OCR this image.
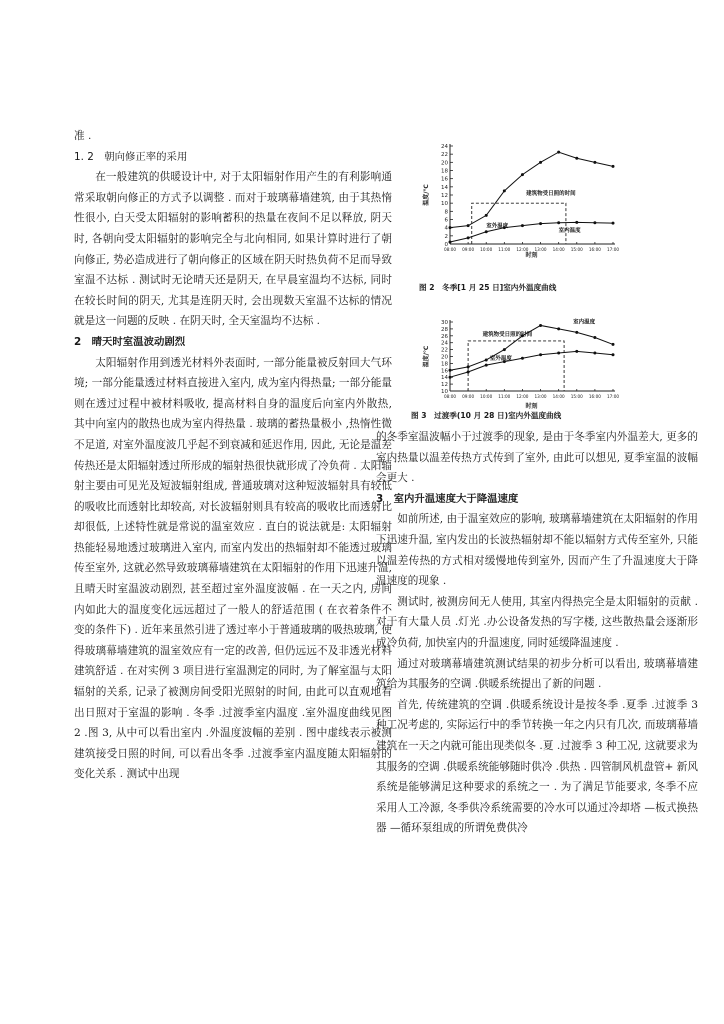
准 .

1. 2　朝向修正率的采用

在一般建筑的供暖设计中, 对于太阳辐射作用产生的有利影响通常采取朝向修正的方式予以调整 . 而对于玻璃幕墙建筑, 由于其热惰性很小, 白天受太阳辐射的影响蓄积的热量在夜间不足以释放, 阴天时, 各朝向受太阳辐射的影响完全与北向相同, 如果计算时进行了朝向修正, 势必造成进行了朝向修正的区域在阴天时热负荷不足而导致室温不达标 . 测试时无论晴天还是阴天, 在早晨室温均不达标, 同时在较长时间的阴天, 尤其是连阴天时, 会出现数天室温不达标的情况就是这一问题的反映 . 在阴天时, 全天室温均不达标 .

2　晴天时室温波动剧烈

太阳辐射作用到透光材料外表面时, 一部分能量被反射回大气环境; 一部分能量透过材料直接进入室内, 成为室内得热量; 一部分能量则在透过过程中被材料吸收, 提高材料自身的温度后向室内外散热, 其中向室内的散热也成为室内得热量 . 玻璃的蓄热量极小 ,热惰性微不足道, 对室外温度波几乎起不到衰减和延迟作用, 因此, 无论是温差传热还是太阳辐射透过所形成的辐射热很快就形成了冷负荷 . 太阳辐射主要由可见光及短波辐射组成, 普通玻璃对这种短波辐射具有较低的吸收比而透射比却较高, 对长波辐射则具有较高的吸收比而透射比却很低, 上述特性就是常说的温室效应 . 直白的说法就是: 太阳辐射热能轻易地透过玻璃进入室内, 而室内发出的热辐射却不能透过玻璃传至室外, 这就必然导致玻璃幕墙建筑在太阳辐射的作用下迅速升温, 且晴天时室温波动剧烈, 甚至超过室外温度波幅 . 在一天之内, 房间内如此大的温度变化远远超过了一般人的舒适范围 ( 在衣着条件不变的条件下) . 近年来虽然引进了透过率小于普通玻璃的吸热玻璃, 使得玻璃幕墙建筑的温室效应有一定的改善, 但仍远远不及非透光材料建筑舒适 . 在对实例 3 项目进行室温测定的同时, 为了解室温与太阳辐射的关系, 记录了被测房间受阳光照射的时间, 由此可以直观地看出日照对于室温的影响 . 冬季 .过渡季室内温度 .室外温度曲线见图 2 .图 3, 从中可以看出室内 .外温度波幅的差别 . 图中虚线表示被测建筑接受日照的时间, 可以看出冬季 .过渡季室内温度随太阳辐射的变化关系 . 测试中出现

0
2
4
6
8
10
12
14
16
18
20
22
24
08:00 09:00 10:00 11:00 12:00 13:00 14:00 15:00 16:00 17:00
时刻
温度/℃
室内温度
室外温度
建筑物受日照的时间
图 2　冬季[1 月 25 日]室内外温度曲线
10
12
14
16
18
20
22
24
26
28
30
08:00 09:00 10:00 11:00 12:00 13:00 14:00 15:00 16:00 17:00
时刻
温度/℃
室内温度
室外温度
建筑物受日照的时间
图 3　过渡季(10 月 28 日)室内外温度曲线

的冬季室温波幅小于过渡季的现象, 是由于冬季室内外温差大, 更多的室内热量以温差传热方式传到了室外, 由此可以想见, 夏季室温的波幅会更大 .

3　室内升温速度大于降温速度

如前所述, 由于温室效应的影响, 玻璃幕墙建筑在太阳辐射的作用下迅速升温, 室内发出的长波热辐射却不能以辐射方式传至室外, 只能以温差传热的方式相对缓慢地传到室外, 因而产生了升温速度大于降温速度的现象 .

测试时, 被测房间无人使用, 其室内得热完全是太阳辐射的贡献 . 对于有大量人员 .灯光 .办公设备发热的写字楼, 这些散热量会逐渐形成冷负荷, 加快室内的升温速度, 同时延缓降温速度 .

通过对玻璃幕墙建筑测试结果的初步分析可以看出, 玻璃幕墙建筑给为其服务的空调 .供暖系统提出了新的问题 .

首先, 传统建筑的空调 .供暖系统设计是按冬季 .夏季 .过渡季 3 种工况考虑的, 实际运行中的季节转换一年之内只有几次, 而玻璃幕墙建筑在一天之内就可能出现类似冬 .夏 .过渡季 3 种工况, 这就要求为其服务的空调 .供暖系统能够随时供冷 .供热 . 四管制风机盘管+ 新风系统是能够满足这种要求的系统之一 . 为了满足节能要求, 冬季不应采用人工冷源, 冬季供冷系统需要的冷水可以通过冷却塔 —板式换热器 —循环泵组成的所谓免费供冷
